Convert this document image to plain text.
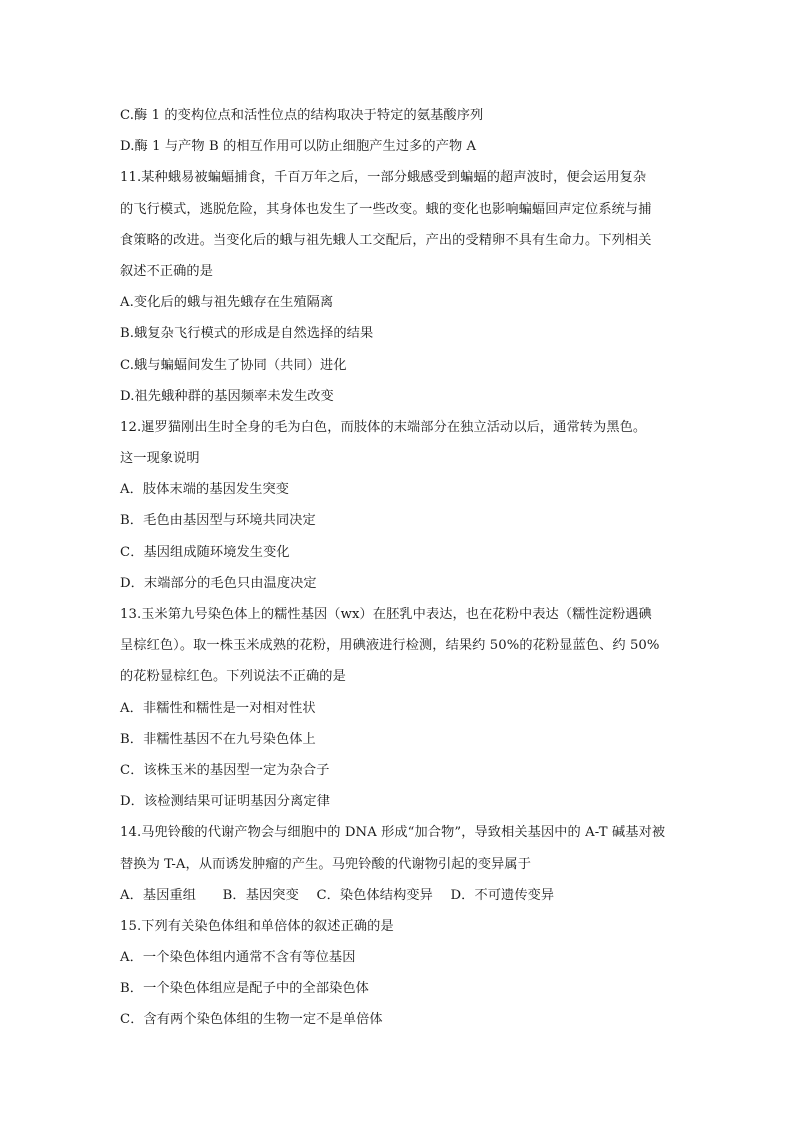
C.酶 1 的变构位点和活性位点的结构取决于特定的氨基酸序列
D.酶 1 与产物 B 的相互作用可以防止细胞产生过多的产物 A
11.某种蛾易被蝙蝠捕食，千百万年之后，一部分蛾感受到蝙蝠的超声波时，便会运用复杂
的飞行模式，逃脱危险，其身体也发生了一些改变。蛾的变化也影响蝙蝠回声定位系统与捕
食策略的改进。当变化后的蛾与祖先蛾人工交配后，产出的受精卵不具有生命力。下列相关
叙述不正确的是
A.变化后的蛾与祖先蛾存在生殖隔离
B.蛾复杂飞行模式的形成是自然选择的结果
C.蛾与蝙蝠间发生了协同（共同）进化
D.祖先蛾种群的基因频率未发生改变
12.暹罗猫刚出生时全身的毛为白色，而肢体的末端部分在独立活动以后，通常转为黑色。
这一现象说明
A．肢体末端的基因发生突变
B．毛色由基因型与环境共同决定
C．基因组成随环境发生变化
D．末端部分的毛色只由温度决定
13.玉米第九号染色体上的糯性基因（wx）在胚乳中表达，也在花粉中表达（糯性淀粉遇碘
呈棕红色）。取一株玉米成熟的花粉，用碘液进行检测，结果约 50%的花粉显蓝色、约 50%
的花粉显棕红色。下列说法不正确的是
A．非糯性和糯性是一对相对性状
B．非糯性基因不在九号染色体上
C．该株玉米的基因型一定为杂合子
D．该检测结果可证明基因分离定律
14.马兜铃酸的代谢产物会与细胞中的 DNA 形成“加合物”，导致相关基因中的 A-T 碱基对被
替换为 T-A，从而诱发肿瘤的产生。马兜铃酸的代谢物引起的变异属于
A．基因重组　　B．基因突变　 C．染色体结构变异　 D．不可遗传变异
15.下列有关染色体组和单倍体的叙述正确的是
A．一个染色体组内通常不含有等位基因
B．一个染色体组应是配子中的全部染色体
C．含有两个染色体组的生物一定不是单倍体
